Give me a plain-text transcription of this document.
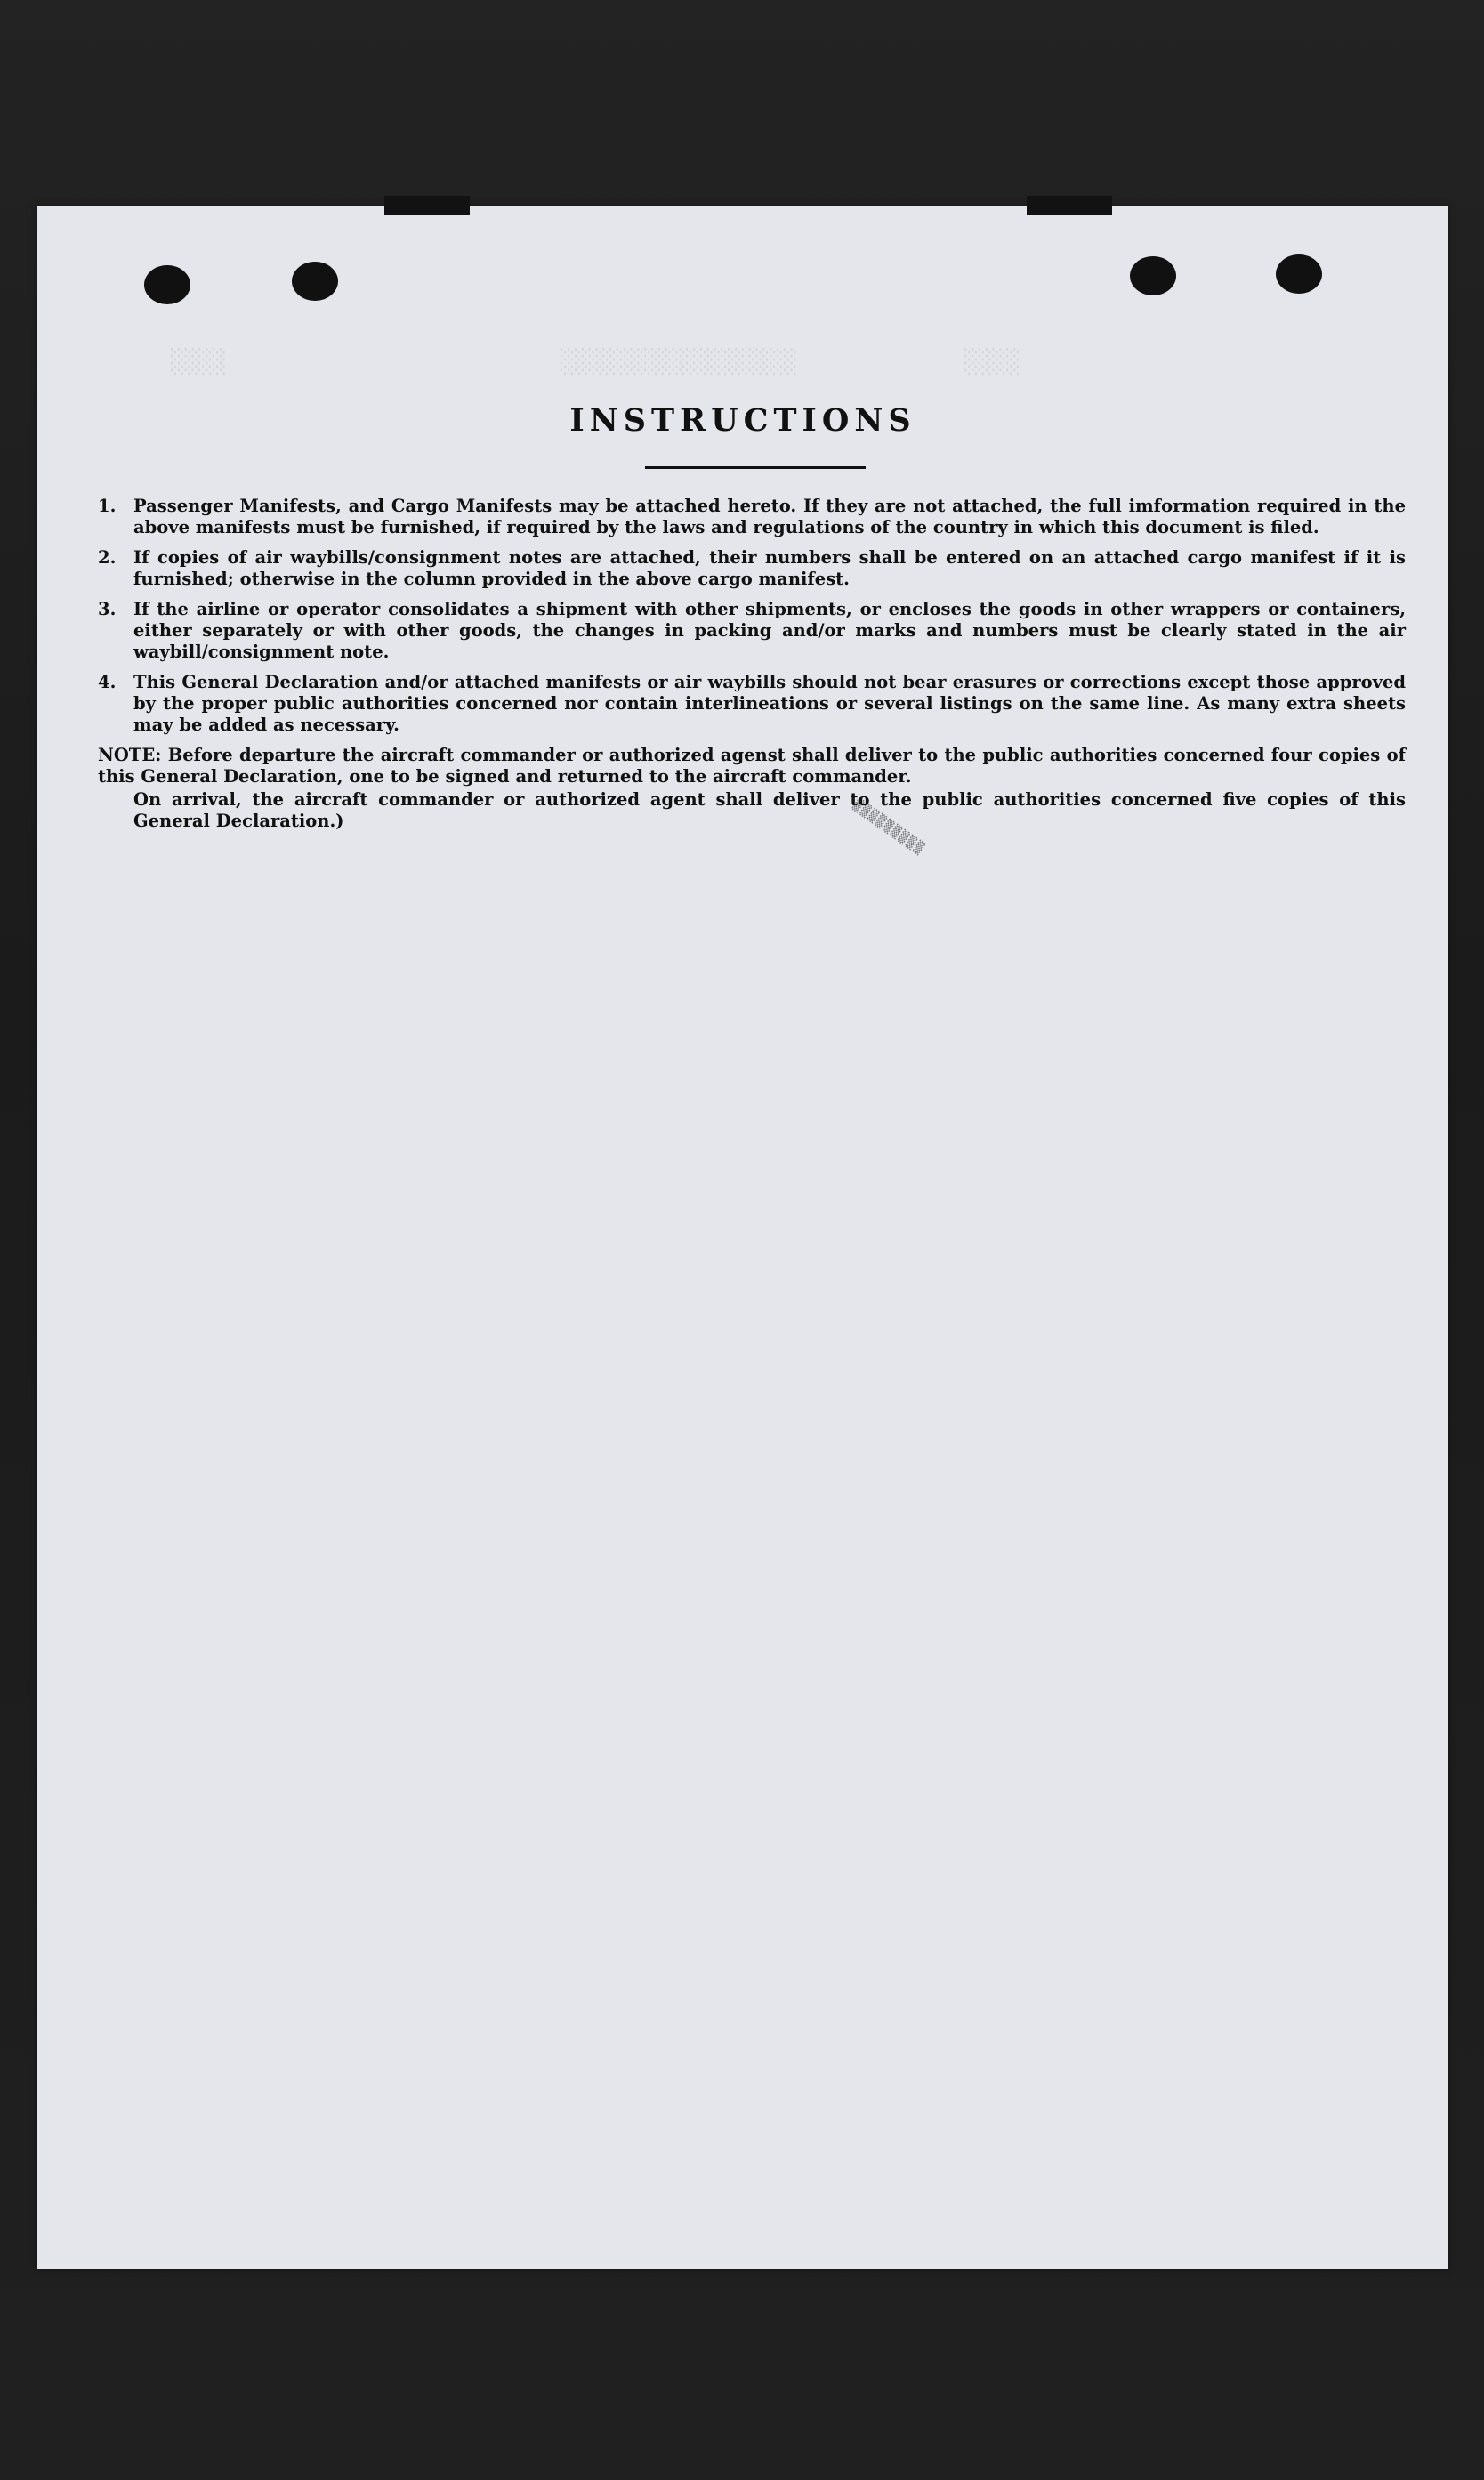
░░░░                        ░░░░░░░░░░░░░░░░░            ░░░░
INSTRUCTIONS
1.	Passenger Manifests, and Cargo Manifests may be attached hereto. If they are not attached, the full imformation required in the above manifests must be furnished, if required by the laws and regulations of the country in which this document is filed.
2.	If copies of air waybills/consignment notes are attached, their numbers shall be entered on an attached cargo manifest if it is furnished; otherwise in the column provided in the above cargo manifest.
3.	If the airline or operator consolidates a shipment with other shipments, or encloses the goods in other wrappers or containers, either separately or with other goods, the changes in packing and/or marks and numbers must be clearly stated in the air waybill/consignment note.
4.	This General Declaration and/or attached manifests or air waybills should not bear erasures or corrections except those approved by the proper public authorities concerned nor contain interlineations or several listings on the same line. As many extra sheets may be added as necessary.
NOTE: Before departure the aircraft commander or authorized agenst shall deliver to the public authorities concerned four copies of this General Declaration, one to be signed and returned to the aircraft commander.
On arrival, the aircraft commander or authorized agent shall deliver to the public authorities concerned five copies of this General Declaration.)	▒▒▒▒▒▒▒▒▒
